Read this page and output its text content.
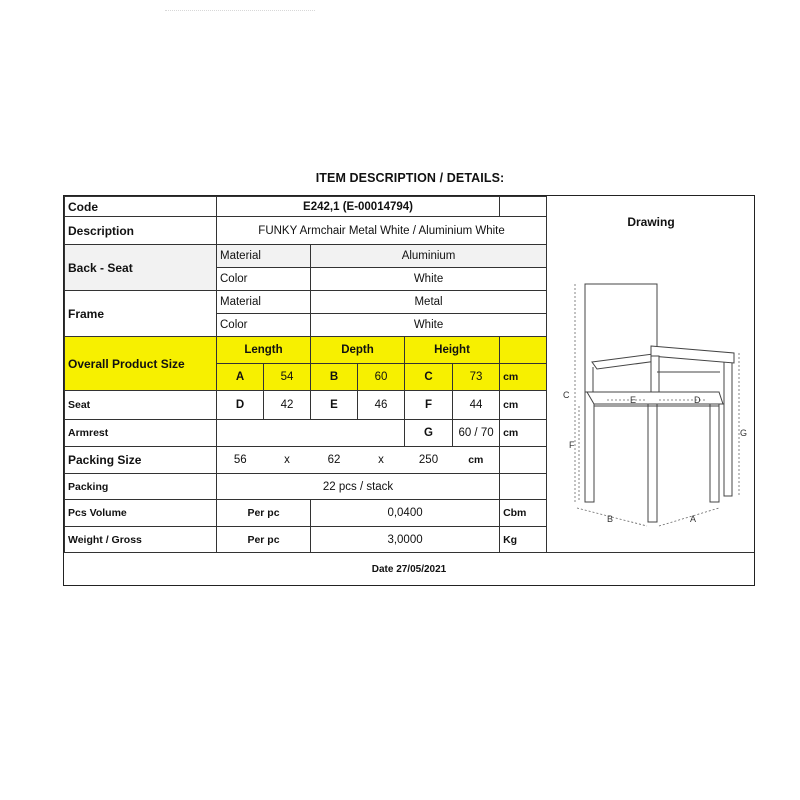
ITEM DESCRIPTION / DETAILS:
Code	E242,1 (E-00014794)						
Description	FUNKY Armchair Metal White / Aluminium White						
Back - Seat	Material		Aluminium				
	Color		White				
Frame	Material		Metal				
	Color		White				
Overall Product Size	Length		Depth		Height		
	A	54	B	60	C	73	cm
Seat	D	42	E	46	F	44	cm
Armrest					G	60 / 70	cm
Packing Size	56	x	62	x	250	cm	
Packing	22 pcs / stack						
Pcs Volume	Per pc		0,0400				Cbm
Weight / Gross	Per pc		3,0000				Kg
Drawing
C	E	D
F
G
B	A
Date 27/05/2021
